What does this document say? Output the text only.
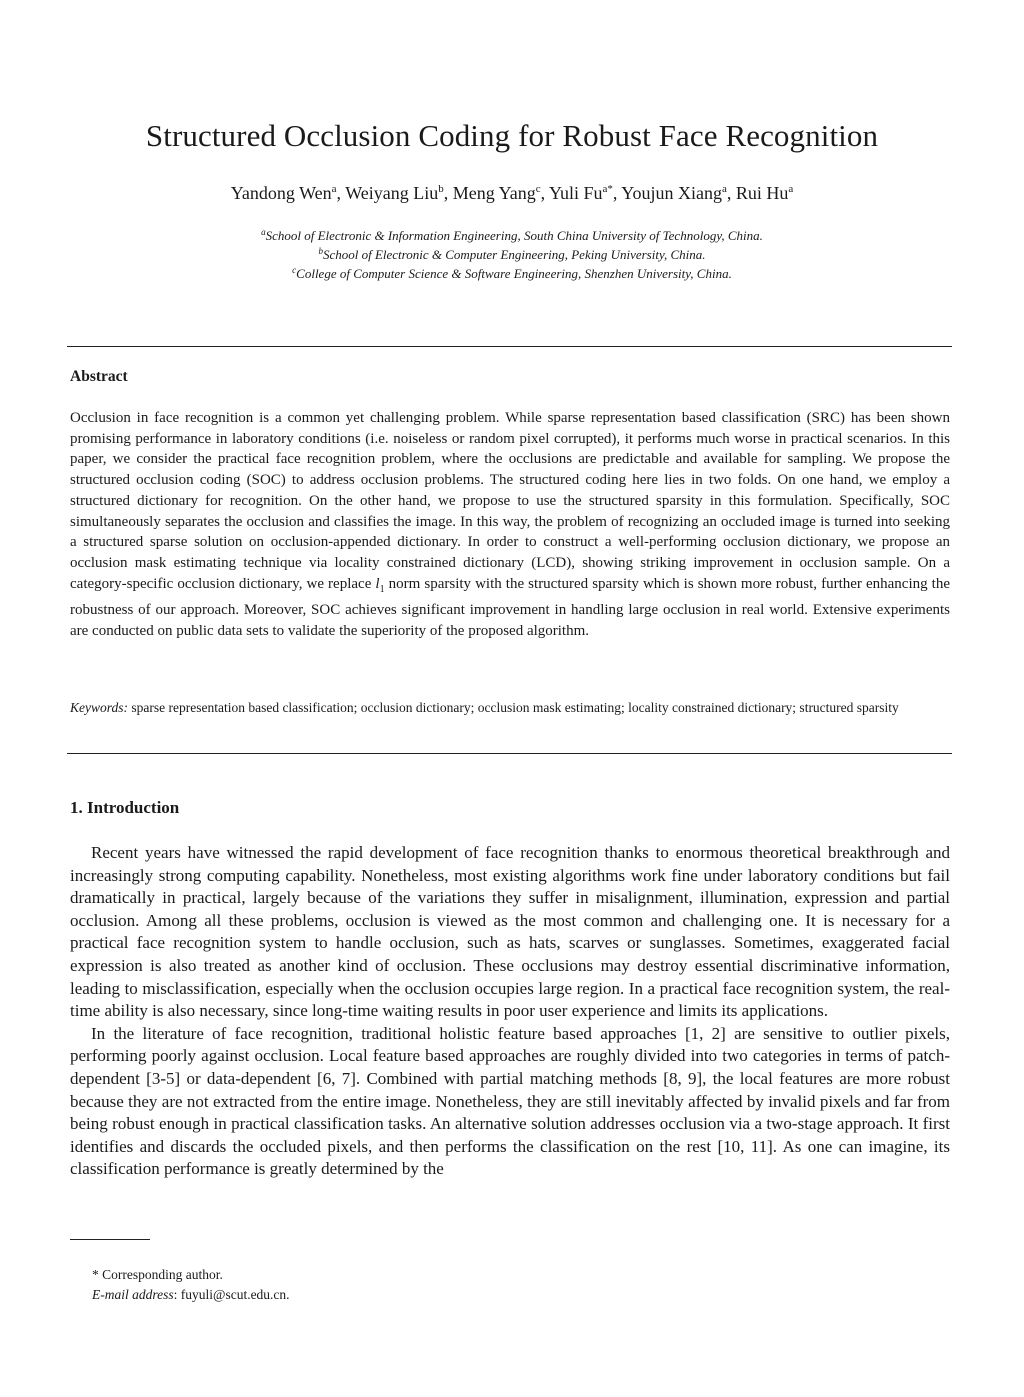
Structured Occlusion Coding for Robust Face Recognition
Yandong Wen$^a$, Weiyang Liu$^b$, Meng Yang$^c$, Yuli $Fu^{a*}$, Youjun Xiang$^a$, Rui Hu$^a$
$^a$School of Electronic & Information Engineering, South China University of Technology, China.
$^b$School of Electronic & Computer Engineering, Peking University, China.
$^c$College of Computer Science & Software Engineering, Shenzhen University, China.
Abstract

Occlusion in face recognition is a common yet challenging problem. While sparse representation based classification (SRC) has been shown promising performance in laboratory conditions (i.e. noiseless or random pixel corrupted), it performs much worse in practical scenarios. In this paper, we consider the practical face recognition problem, where the occlusions are predictable and available for sampling. We propose the structured occlusion coding (SOC) to address occlusion problems. The structured coding here lies in two folds. On one hand, we employ a structured dictionary for recognition. On the other hand, we propose to use the structured sparsity in this formulation. Specifically, SOC simultaneously separates the occlusion and classifies the image. In this way, the problem of recognizing an occluded image is turned into seeking a structured sparse solution on occlusion-appended dictionary. In order to construct a well-performing occlusion dictionary, we propose an occlusion mask estimating technique via locality constrained dictionary (LCD), showing striking improvement in occlusion sample. On a category-specific occlusion dictionary, we replace $l_1$ norm sparsity with the structured sparsity which is shown more robust, further enhancing the robustness of our approach. Moreover, SOC achieves significant improvement in handling large occlusion in real world. Extensive experiments are conducted on public data sets to validate the superiority of the proposed algorithm.

Keywords: sparse representation based classification; occlusion dictionary; occlusion mask estimating; locality constrained dictionary; structured sparsity

1. Introduction

Recent years have witnessed the rapid development of face recognition thanks to enormous theoretical breakthrough and increasingly strong computing capability. Nonetheless, most existing algorithms work fine under laboratory conditions but fail dramatically in practical, largely because of the variations they suffer in misalignment, illumination, expression and partial occlusion. Among all these problems, occlusion is viewed as the most common and challenging one. It is necessary for a practical face recognition system to handle occlusion, such as hats, scarves or sunglasses. Sometimes, exaggerated facial expression is also treated as another kind of occlusion. These occlusions may destroy essential discriminative information, leading to misclassification, especially when the occlusion occupies large region. In a practical face recognition system, the real-time ability is also necessary, since long-time waiting results in poor user experience and limits its applications.

In the literature of face recognition, traditional holistic feature based approaches [1, 2] are sensitive to outlier pixels, performing poorly against occlusion. Local feature based approaches are roughly divided into two categories in terms of patch-dependent [3-5] or data-dependent [6, 7]. Combined with partial matching methods [8, 9], the local features are more robust because they are not extracted from the entire image. Nonetheless, they are still inevitably affected by invalid pixels and far from being robust enough in practical classification tasks. An alternative solution addresses occlusion via a two-stage approach. It first identifies and discards the occluded pixels, and then performs the classification on the rest [10, 11]. As one can imagine, its classification performance is greatly determined by the

* Corresponding author.
E-mail address: fuyuli@scut.edu.cn.
